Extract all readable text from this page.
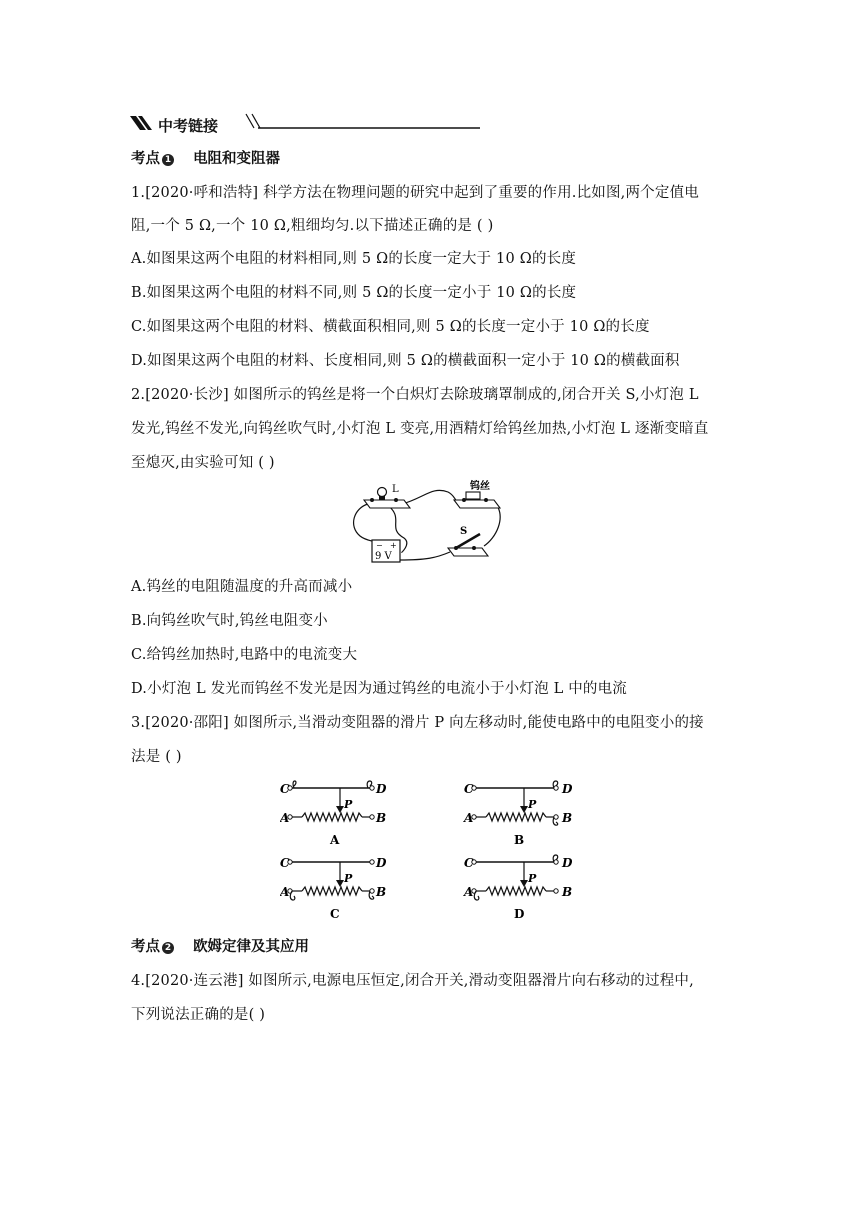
中考链接
考点 1 电阻和变阻器
1.[2020·呼和浩特] 科学方法在物理问题的研究中起到了重要的作用.比如图,两个定值电
阻,一个 5 Ω,一个 10 Ω,粗细均匀.以下描述正确的是 ( )
A.如图果这两个电阻的材料相同,则 5 Ω的长度一定大于 10 Ω的长度
B.如图果这两个电阻的材料不同,则 5 Ω的长度一定小于 10 Ω的长度
C.如图果这两个电阻的材料、横截面积相同,则 5 Ω的长度一定小于 10 Ω的长度
D.如图果这两个电阻的材料、长度相同,则 5 Ω的横截面积一定小于 10 Ω的横截面积
2.[2020·长沙] 如图所示的钨丝是将一个白炽灯去除玻璃罩制成的,闭合开关 S,小灯泡 L
发光,钨丝不发光,向钨丝吹气时,小灯泡 L 变亮,用酒精灯给钨丝加热,小灯泡 L 逐渐变暗直
至熄灭,由实验可知 ( )
L	钨丝
S
− +
9 V
A.钨丝的电阻随温度的升高而减小
B.向钨丝吹气时,钨丝电阻变小
C.给钨丝加热时,电路中的电流变大
D.小灯泡 L 发光而钨丝不发光是因为通过钨丝的电流小于小灯泡 L 中的电流
3.[2020·邵阳] 如图所示,当滑动变阻器的滑片 P 向左移动时,能使电路中的电阻变小的接
法是 ( )
C	D
A	B
P
A
C	D
A	B
P
B
C	D
A	B
P
C
C	D
A	B
P
D
考点 2 欧姆定律及其应用
4.[2020·连云港] 如图所示,电源电压恒定,闭合开关,滑动变阻器滑片向右移动的过程中,
下列说法正确的是( )
